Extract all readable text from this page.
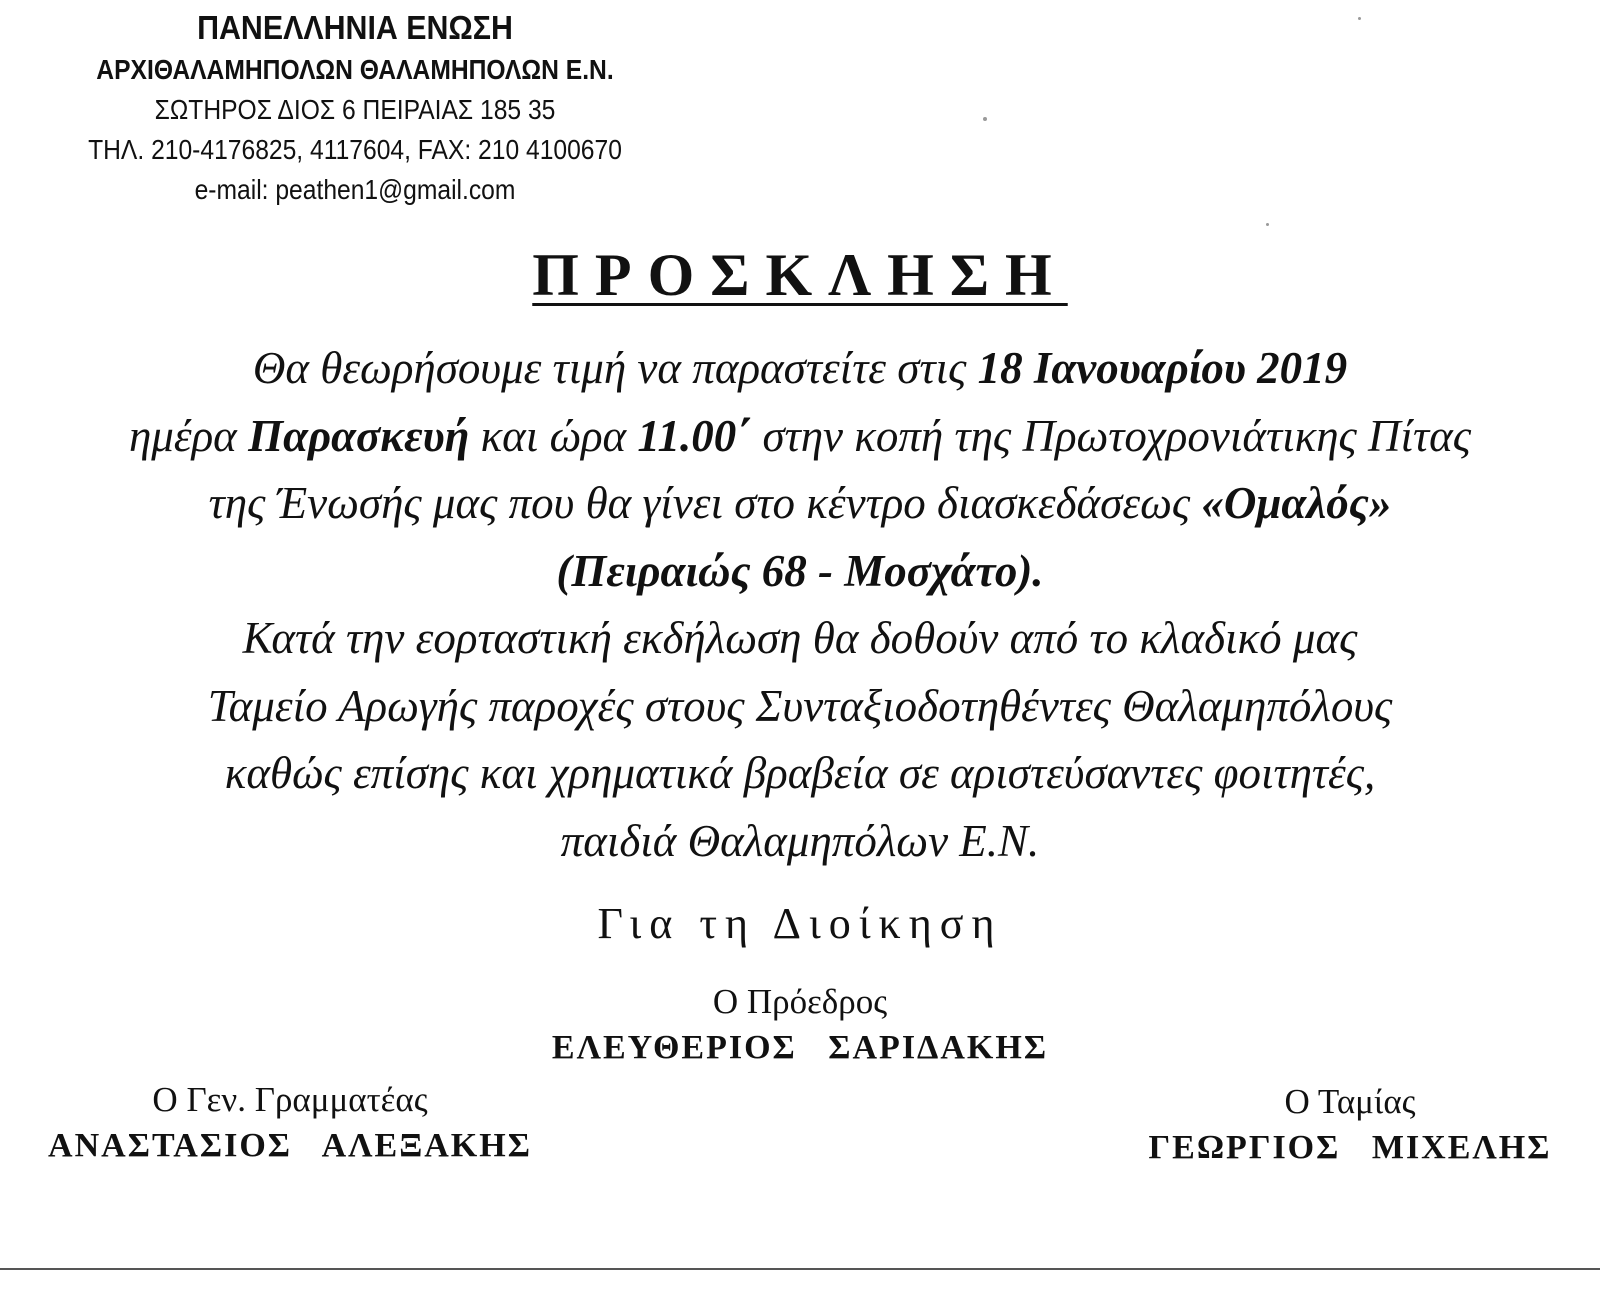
ΠΑΝΕΛΛΗΝΙΑ ΕΝΩΣΗ
ΑΡΧΙΘΑΛΑΜΗΠΟΛΩΝ ΘΑΛΑΜΗΠΟΛΩΝ Ε.Ν.
ΣΩΤΗΡΟΣ ΔΙΟΣ 6 ΠΕΙΡΑΙΑΣ 185 35
ΤΗΛ. 210-4176825, 4117604, FAX: 210 4100670
e-mail: peathen1@gmail.com
ΠΡΟΣΚΛΗΣΗ

Θα θεωρήσουμε τιμή να παραστείτε στις 18 Ιανουαρίου 2019

ημέρα Παρασκευή και ώρα 11.00΄ στην κοπή της Πρωτοχρονιάτικης Πίτας

της Ένωσής μας που θα γίνει στο κέντρο διασκεδάσεως «Ομαλός»

(Πειραιώς 68 - Μοσχάτο).

Κατά την εορταστική εκδήλωση θα δοθούν από το κλαδικό μας

Ταμείο Αρωγής παροχές στους Συνταξιοδοτηθέντες Θαλαμηπόλους

καθώς επίσης και χρηματικά βραβεία σε αριστεύσαντες φοιτητές,

παιδιά Θαλαμηπόλων Ε.Ν.

Για τη Διοίκηση
Ο Πρόεδρος
ΕΛΕΥΘΕΡΙΟΣ   ΣΑΡΙΔΑΚΗΣ
Ο Γεν. Γραμματέας
ΑΝΑΣΤΑΣΙΟΣ   ΑΛΕΞΑΚΗΣ
Ο Ταμίας
ΓΕΩΡΓΙΟΣ   ΜΙΧΕΛΗΣ
